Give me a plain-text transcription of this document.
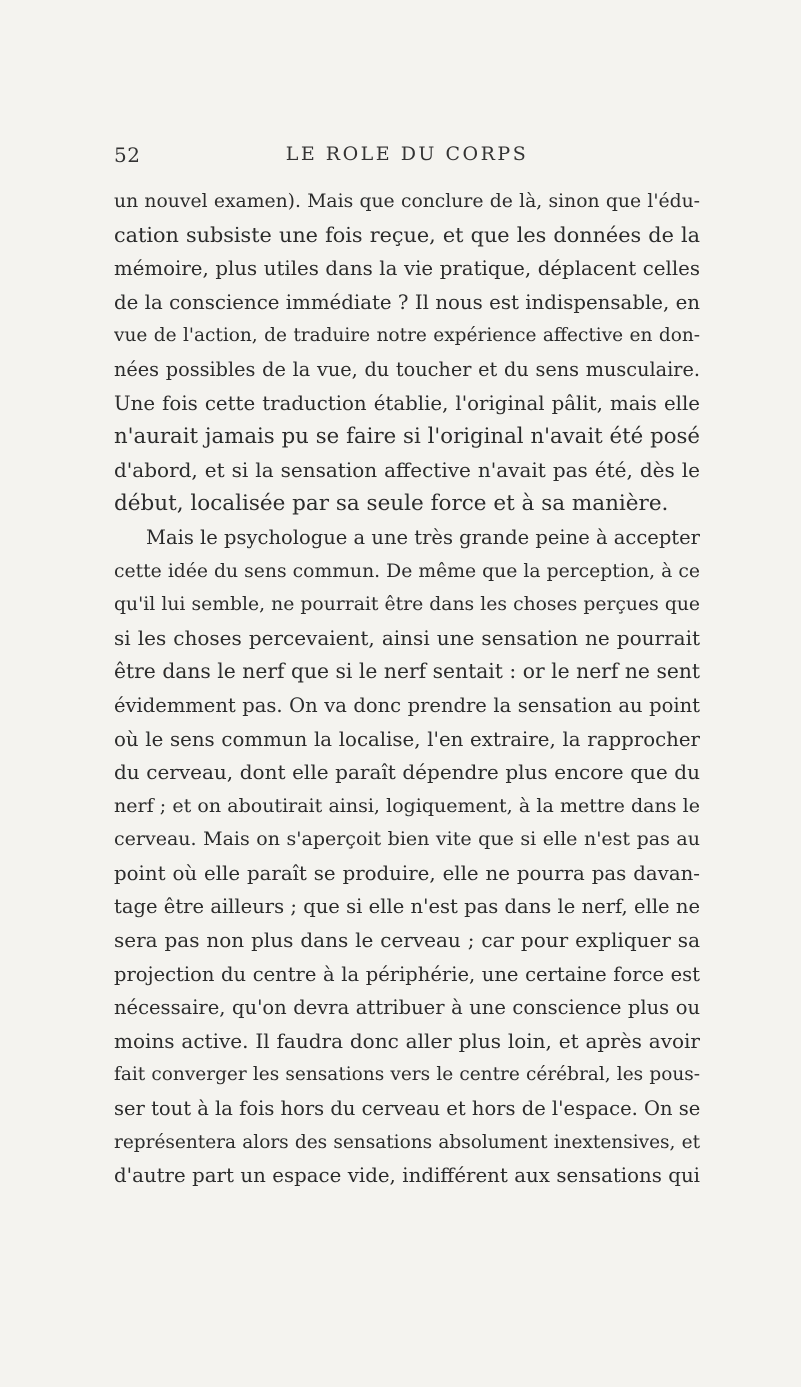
52	LE ROLE DU CORPS
un nouvel examen). Mais que conclure de là, sinon que l'édu-
cation subsiste une fois reçue, et que les données de la
mémoire, plus utiles dans la vie pratique, déplacent celles
de la conscience immédiate ? Il nous est indispensable, en
vue de l'action, de traduire notre expérience affective en don-
nées possibles de la vue, du toucher et du sens musculaire.
Une fois cette traduction établie, l'original pâlit, mais elle
n'aurait jamais pu se faire si l'original n'avait été posé
d'abord, et si la sensation affective n'avait pas été, dès le
début, localisée par sa seule force et à sa manière.
Mais le psychologue a une très grande peine à accepter
cette idée du sens commun. De même que la perception, à ce
qu'il lui semble, ne pourrait être dans les choses perçues que
si les choses percevaient, ainsi une sensation ne pourrait
être dans le nerf que si le nerf sentait : or le nerf ne sent
évidemment pas. On va donc prendre la sensation au point
où le sens commun la localise, l'en extraire, la rapprocher
du cerveau, dont elle paraît dépendre plus encore que du
nerf ; et on aboutirait ainsi, logiquement, à la mettre dans le
cerveau. Mais on s'aperçoit bien vite que si elle n'est pas au
point où elle paraît se produire, elle ne pourra pas davan-
tage être ailleurs ; que si elle n'est pas dans le nerf, elle ne
sera pas non plus dans le cerveau ; car pour expliquer sa
projection du centre à la périphérie, une certaine force est
nécessaire, qu'on devra attribuer à une conscience plus ou
moins active. Il faudra donc aller plus loin, et après avoir
fait converger les sensations vers le centre cérébral, les pous-
ser tout à la fois hors du cerveau et hors de l'espace. On se
représentera alors des sensations absolument inextensives, et
d'autre part un espace vide, indifférent aux sensations qui
